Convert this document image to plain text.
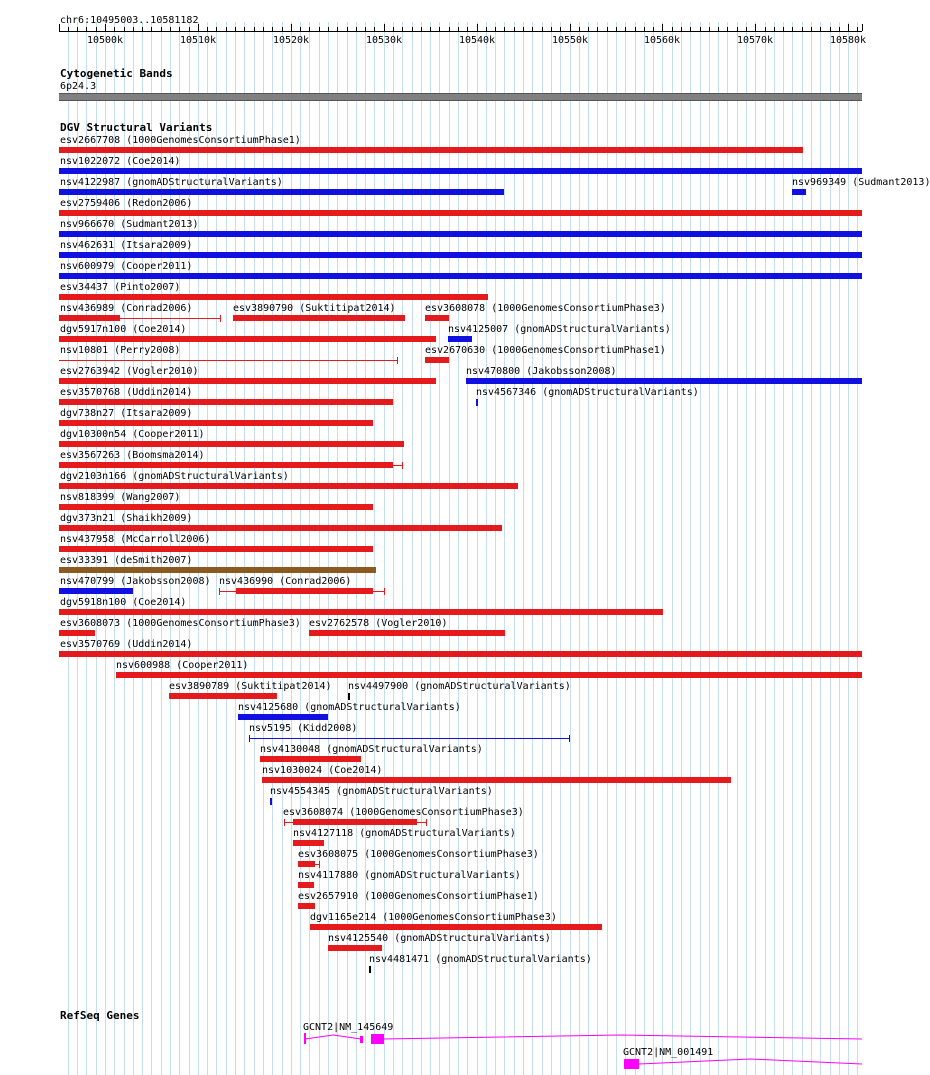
chr6:10495003..10581182
10500k	10510k	10520k	10530k	10540k	10550k	10560k	10570k	10580k
Cytogenetic Bands
6p24.3
DGV Structural Variants
esv2667708 (1000GenomesConsortiumPhase1)
nsv1022072 (Coe2014)
nsv4122987 (gnomADStructuralVariants)	nsv969349 (Sudmant2013)
esv2759406 (Redon2006)
nsv966670 (Sudmant2013)
nsv462631 (Itsara2009)
nsv600979 (Cooper2011)
esv34437 (Pinto2007)
nsv436989 (Conrad2006)	esv3890790 (Suktitipat2014)	esv3608078 (1000GenomesConsortiumPhase3)
dgv5917n100 (Coe2014)	nsv4125007 (gnomADStructuralVariants)
nsv10801 (Perry2008)	esv2670630 (1000GenomesConsortiumPhase1)
esv2763942 (Vogler2010)	nsv470800 (Jakobsson2008)
esv3570768 (Uddin2014)	nsv4567346 (gnomADStructuralVariants)
dgv738n27 (Itsara2009)
dgv10300n54 (Cooper2011)
esv3567263 (Boomsma2014)
dgv2103n166 (gnomADStructuralVariants)
nsv818399 (Wang2007)
dgv373n21 (Shaikh2009)
nsv437958 (McCarroll2006)
esv33391 (deSmith2007)
nsv470799 (Jakobsson2008) nsv436990 (Conrad2006)
dgv5918n100 (Coe2014)
esv3608073 (1000GenomesConsortiumPhase3) esv2762578 (Vogler2010)
esv3570769 (Uddin2014)
nsv600988 (Cooper2011)
esv3890789 (Suktitipat2014) nsv4497900 (gnomADStructuralVariants)
nsv4125680 (gnomADStructuralVariants)
nsv5195 (Kidd2008)
nsv4130048 (gnomADStructuralVariants)
nsv1030024 (Coe2014)
nsv4554345 (gnomADStructuralVariants)
esv3608074 (1000GenomesConsortiumPhase3)
nsv4127118 (gnomADStructuralVariants)
esv3608075 (1000GenomesConsortiumPhase3)
nsv4117880 (gnomADStructuralVariants)
esv2657910 (1000GenomesConsortiumPhase1)
dgv1165e214 (1000GenomesConsortiumPhase3)
nsv4125540 (gnomADStructuralVariants)
nsv4481471 (gnomADStructuralVariants)
RefSeq Genes
GCNT2|NM_145649
GCNT2|NM_001491
